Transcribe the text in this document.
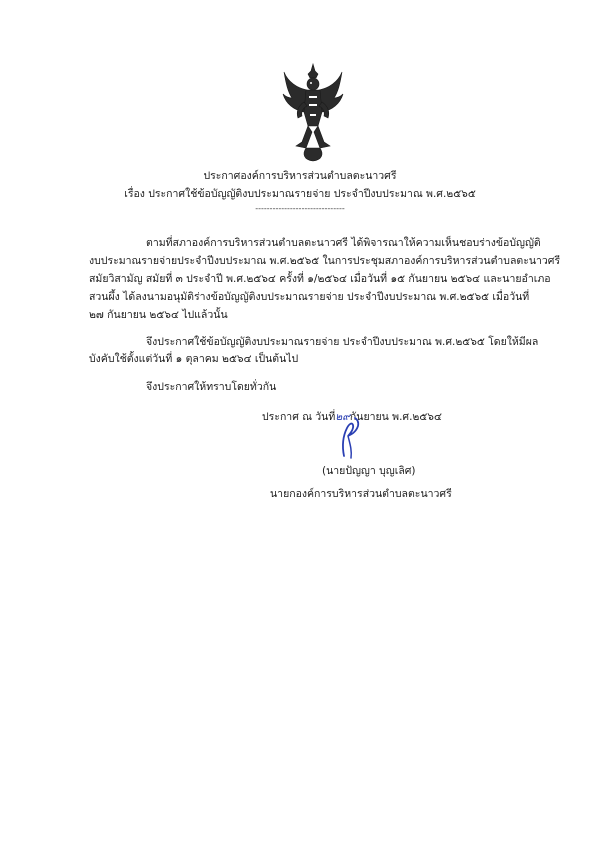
ประกาศองค์การบริหารส่วนตำบลตะนาวศรี
เรื่อง ประกาศใช้ข้อบัญญัติงบประมาณรายจ่าย ประจำปีงบประมาณ พ.ศ.๒๕๖๕
-------------------------------
ตามที่สภาองค์การบริหารส่วนตำบลตะนาวศรี ได้พิจารณาให้ความเห็นชอบร่างข้อบัญญัติ
งบประมาณรายจ่ายประจำปีงบประมาณ พ.ศ.๒๕๖๕ ในการประชุมสภาองค์การบริหารส่วนตำบลตะนาวศรี
สมัยวิสามัญ สมัยที่ ๓ ประจำปี พ.ศ.๒๕๖๔ ครั้งที่ ๑/๒๕๖๔ เมื่อวันที่ ๑๕ กันยายน ๒๕๖๔ และนายอำเภอ
สวนผึ้ง ได้ลงนามอนุมัติร่างข้อบัญญัติงบประมาณรายจ่าย ประจำปีงบประมาณ พ.ศ.๒๕๖๕ เมื่อวันที่
๒๗ กันยายน ๒๕๖๔ ไปแล้วนั้น
จึงประกาศใช้ข้อบัญญัติงบประมาณรายจ่าย ประจำปีงบประมาณ พ.ศ.๒๕๖๕ โดยให้มีผล
บังคับใช้ตั้งแต่วันที่ ๑ ตุลาคม ๒๕๖๔ เป็นต้นไป
จึงประกาศให้ทราบโดยทั่วกัน
ประกาศ ณ วันที่๒๙กันยายน พ.ศ.๒๕๖๔
(นายปัญญา บุญเลิศ)
นายกองค์การบริหารส่วนตำบลตะนาวศรี
